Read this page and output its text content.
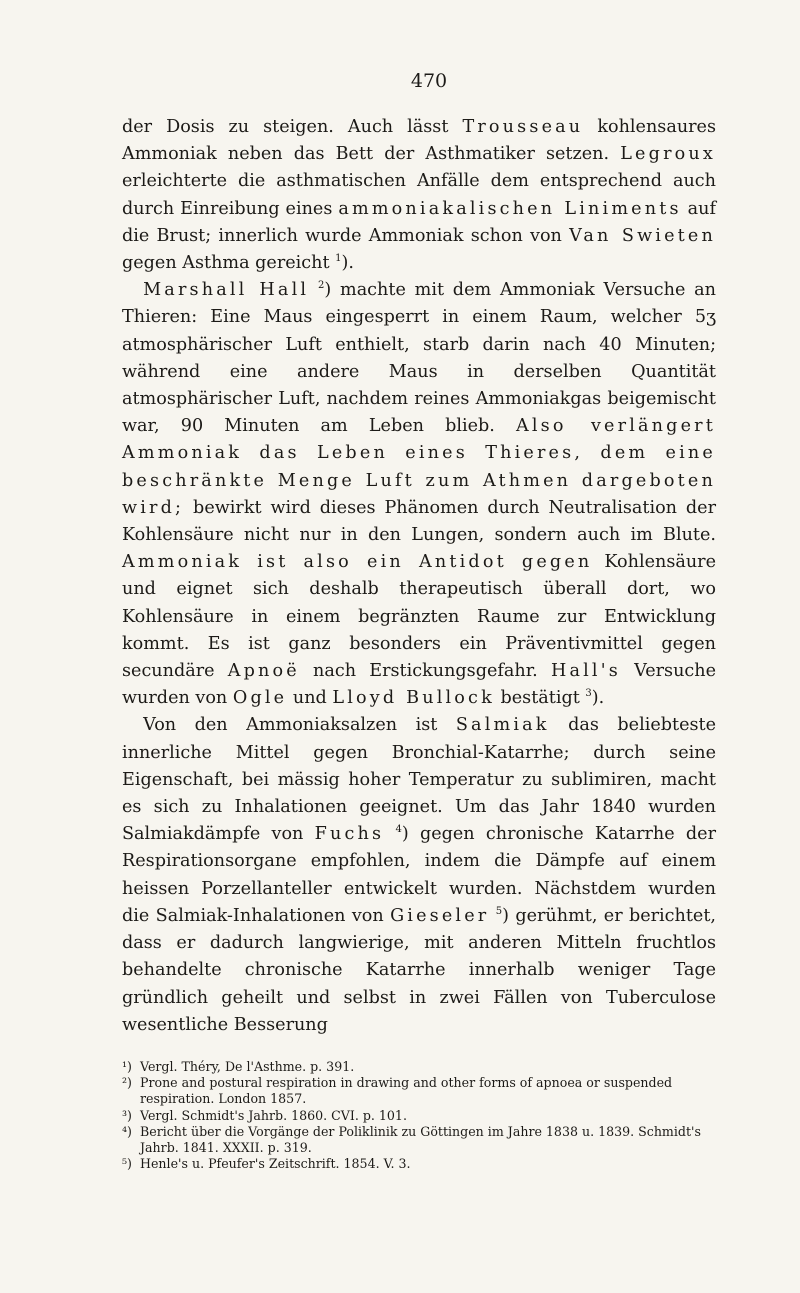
470

der Dosis zu steigen. Auch lässt Trousseau kohlensaures Ammoniak neben das Bett der Asthmatiker setzen. Legroux erleichterte die asthmatischen Anfälle dem entsprechend auch durch Einreibung eines ammoniakalischen Liniments auf die Brust; innerlich wurde Ammoniak schon von Van Swieten gegen Asthma gereicht $^1$).

Marshall Hall $^2$) machte mit dem Ammoniak Versuche an Thieren: Eine Maus eingesperrt in einem Raum, welcher 5ʒ atmosphärischer Luft enthielt, starb darin nach 40 Minuten; während eine andere Maus in derselben Quantität atmosphärischer Luft, nachdem reines Ammoniakgas beigemischt war, 90 Minuten am Leben blieb. Also verlängert Ammoniak das Leben eines Thieres, dem eine beschränkte Menge Luft zum Athmen dargeboten wird; bewirkt wird dieses Phänomen durch Neutralisation der Kohlensäure nicht nur in den Lungen, sondern auch im Blute. Ammoniak ist also ein Antidot gegen Kohlensäure und eignet sich deshalb therapeutisch überall dort, wo Kohlensäure in einem begränzten Raume zur Entwicklung kommt. Es ist ganz besonders ein Präventivmittel gegen secundäre Apnoë nach Erstickungsgefahr. Hall's Versuche wurden von Ogle und Lloyd Bullock bestätigt $^3$).

Von den Ammoniaksalzen ist Salmiak das beliebteste innerliche Mittel gegen Bronchial-Katarrhe; durch seine Eigenschaft, bei mässig hoher Temperatur zu sublimiren, macht es sich zu Inhalationen geeignet. Um das Jahr 1840 wurden Salmiakdämpfe von Fuchs $^4$) gegen chronische Katarrhe der Respirationsorgane empfohlen, indem die Dämpfe auf einem heissen Porzellanteller entwickelt wurden. Nächstdem wurden die Salmiak-Inhalationen von Gieseler $^5$) gerühmt, er berichtet, dass er dadurch langwierige, mit anderen Mitteln fruchtlos behandelte chronische Katarrhe innerhalb weniger Tage gründlich geheilt und selbst in zwei Fällen von Tuberculose wesentliche Besserung

¹) Vergl. Théry, De l'Asthme. p. 391.
²) Prone and postural respiration in drawing and other forms of apnoea or suspended respiration. London 1857.
³) Vergl. Schmidt's Jahrb. 1860. CVI. p. 101.
⁴) Bericht über die Vorgänge der Poliklinik zu Göttingen im Jahre 1838 u. 1839. Schmidt's Jahrb. 1841. XXXII. p. 319.
⁵) Henle's u. Pfeufer's Zeitschrift. 1854. V. 3.
